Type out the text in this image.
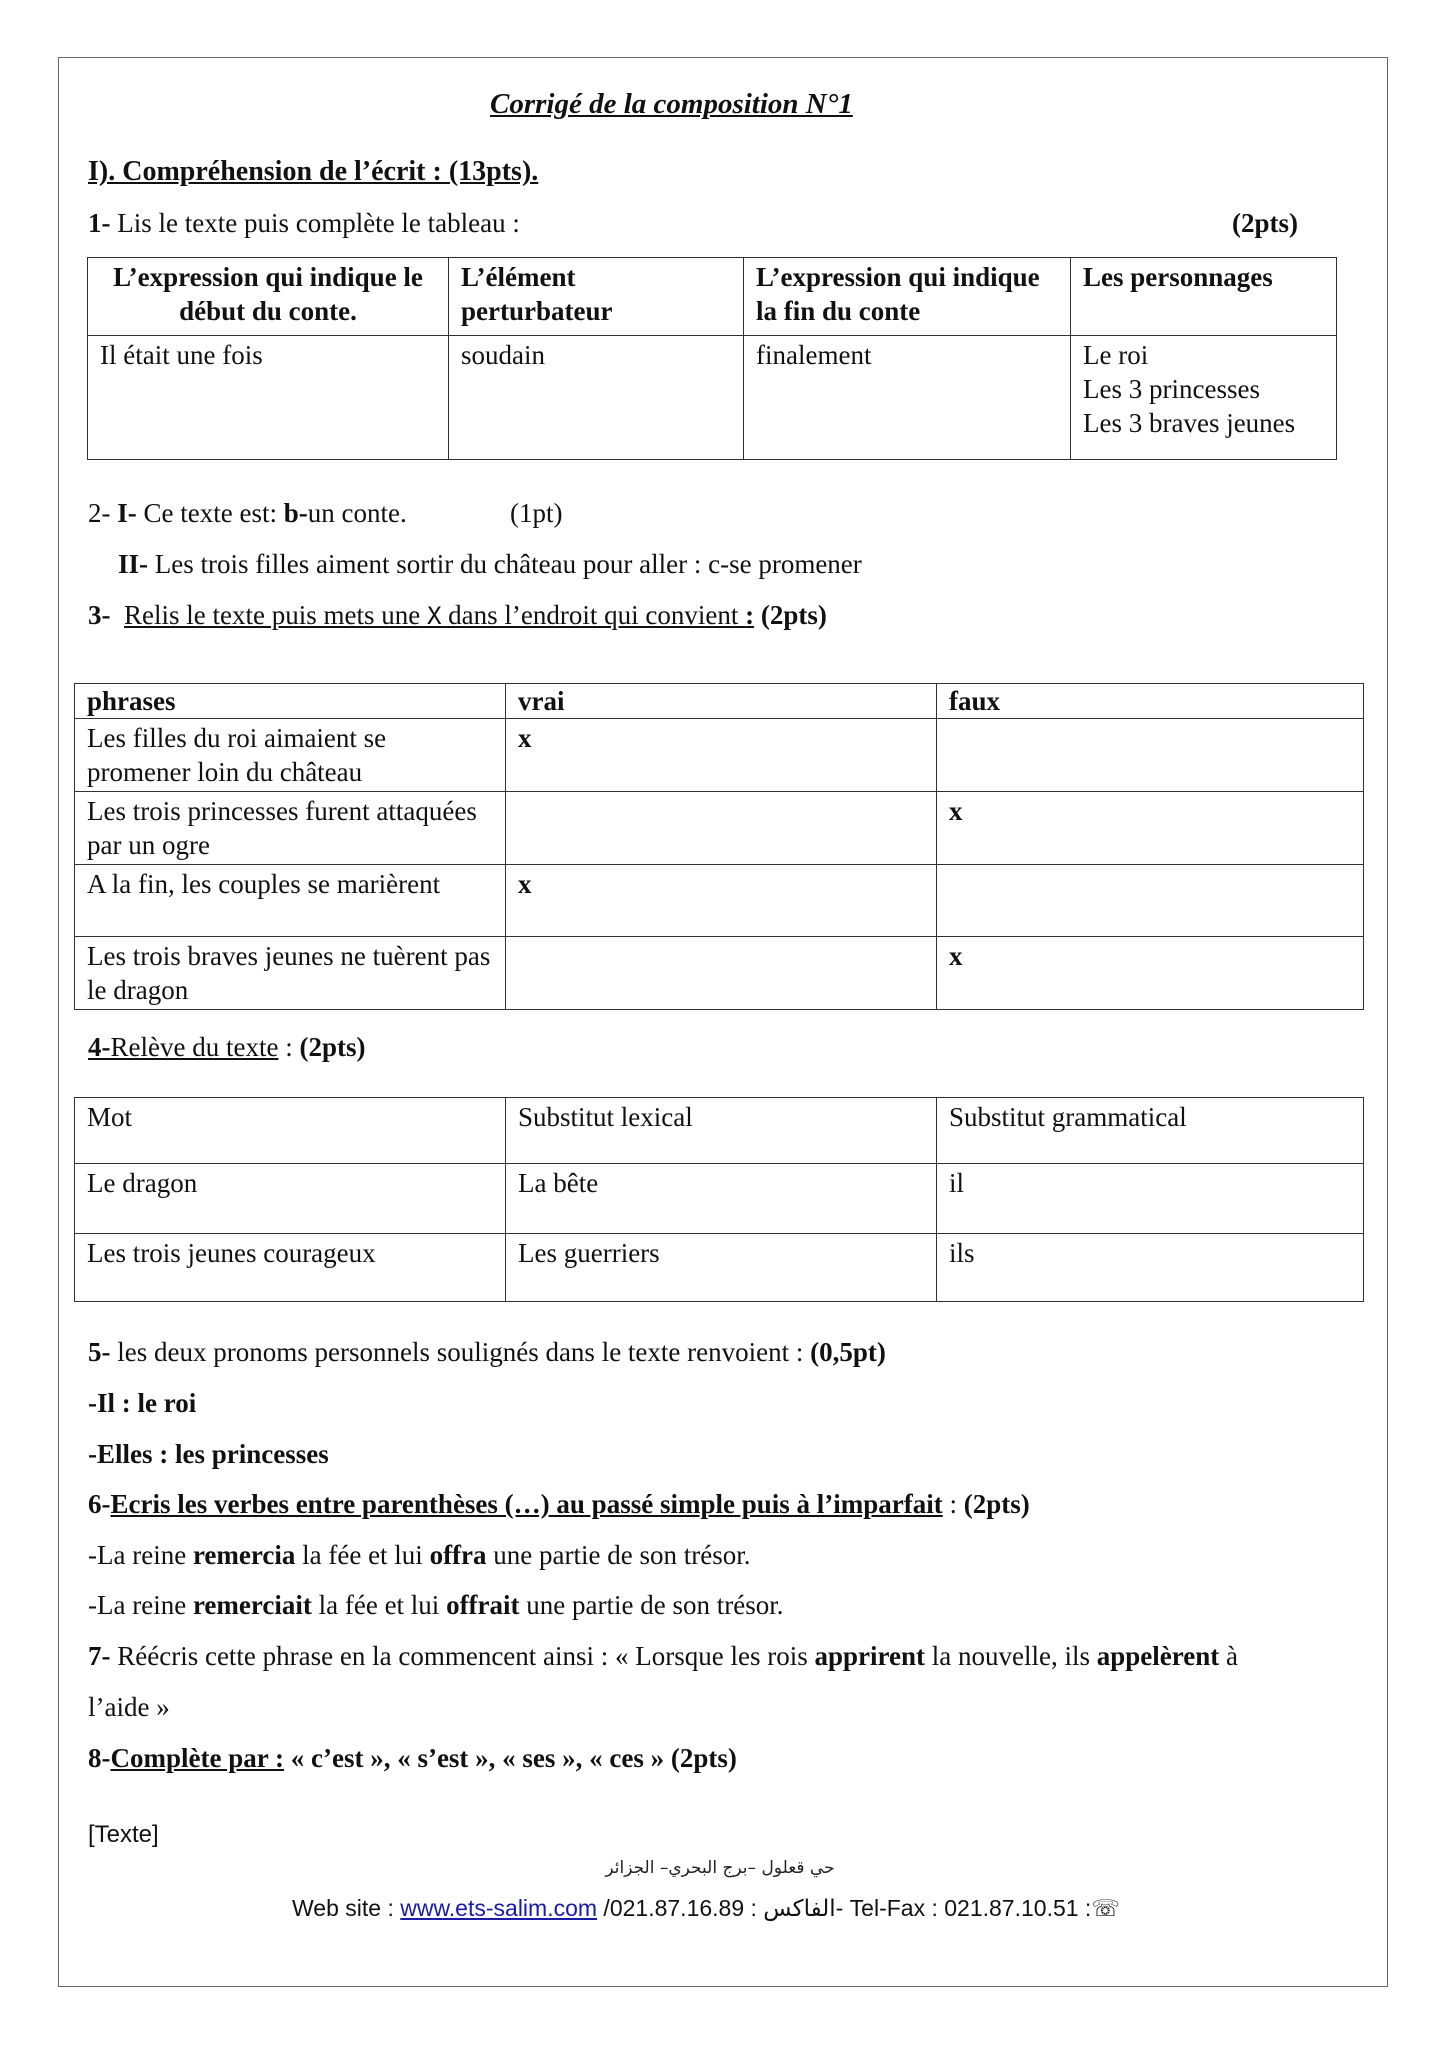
Corrigé de la composition N°1
I). Compréhension de l’écrit : (13pts).
1- Lis le texte puis complète le tableau :	(2pts)
L’expression qui indique le début du conte.	L’élément perturbateur	L’expression qui indique la fin du conte	Les personnages
Il était une fois	soudain	finalement	Le roi
Les 3 princesses
Les 3 braves jeunes
2- I- Ce texte est: b-un conte.	(1pt)
II- Les trois filles aiment sortir du château pour aller : c-se promener
3- Relis le texte puis mets une X dans l’endroit qui convient : (2pts)
phrases	vrai	faux
Les filles du roi aimaient se promener loin du château	x	
Les trois princesses furent attaquées par un ogre		x
A la fin, les couples se marièrent	x	
Les trois braves jeunes ne tuèrent pas le dragon		x
4-Relève du texte : (2pts)
Mot	Substitut lexical	Substitut grammatical
Le dragon	La bête	il
Les trois jeunes courageux	Les guerriers	ils
5- les deux pronoms personnels soulignés dans le texte renvoient : (0,5pt)
-Il : le roi
-Elles : les princesses
6-Ecris les verbes entre parenthèses (…) au passé simple puis à l’imparfait : (2pts)
-La reine remercia la fée et lui offra une partie de son trésor.
-La reine remerciait la fée et lui offrait une partie de son trésor.
7- Réécris cette phrase en la commencent ainsi : « Lorsque les rois apprirent la nouvelle, ils appelèrent à
l’aide »
8-Complète par : « c’est », « s’est », « ses », « ces » (2pts)
[Texte]
حي قعلول –برج البحري– الجزائر
Web site : www.ets-salim.com /021.87.16.89 : الفاكس- Tel-Fax : 021.87.10.51 :☏
